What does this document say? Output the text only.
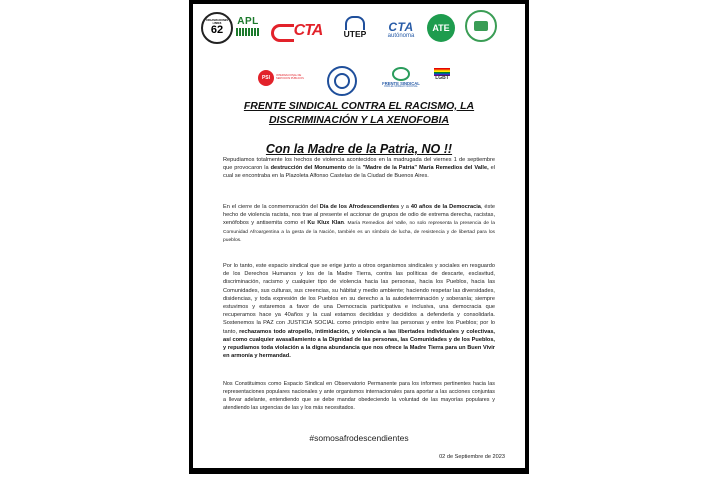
ORGANIZACIONES LIBRES
62
APL
CTA	UTEP CTA
autónoma
ATE
PSI	INTERNACIONAL DE SERVICIOS PÚBLICOS
FRENTE SINDICAL
PARA EL MODELO NACIONAL
LGBT
FRENTE SINDICAL CONTRA EL RACISMO, LA DISCRIMINACIÓN Y LA XENOFOBIA
Con la Madre de la Patria, NO !!
Repudiamos totalmente los hechos de violencia acontecidos en la madrugada del viernes 1 de septiembre que provocaron la destrucción del Monumento de la "Madre de la Patria" María Remedios del Valle, el cual se encontraba en la Plazoleta Alfonso Castelao de la Ciudad de Buenos Aires.
En el cierre de la conmemoración del Día de los Afrodescendientes y a 40 años de la Democracia, éste hecho de violencia racista, nos trae al presente el accionar de grupos de odio de extrema derecha, racistas, xenófobos y antisemita como el Ku Klux Klan. María Remedios del Valle, no solo representa la presencia de la Comunidad Afroargentina a la gesta de la Nación, también es un símbolo de lucha, de resistencia y de libertad para los pueblos.
Por lo tanto, este espacio sindical que se erige junto a otros organismos sindicales y sociales en resguardo de los Derechos Humanos y los de la Madre Tierra, contra las políticas de descarte, esclavitud, discriminación, racismo y cualquier tipo de violencia hacia las personas, hacia los Pueblos, hacia las Comunidades, sus culturas, sus creencias, su hábitat y medio ambiente; haciendo respetar las diversidades, disidencias, y toda expresión de los Pueblos en su derecho a la autodeterminación y soberanía; siempre estuvimos y estaremos a favor de una Democracia participativa e inclusiva, una democracia que recuperamos hace ya 40años y la cual estamos decididas y decididos a defenderla y consolidarla. Sostenemos la PAZ con JUSTICIA SOCIAL como principio entre las personas y entre los Pueblos; por lo tanto, rechazamos todo atropello, intimidación, y violencia a las libertades individuales y colectivas, así como cualquier avasallamiento a la Dignidad de las personas, las Comunidades y de los Pueblos, y repudiamos toda violación a la digna abundancia que nos ofrece la Madre Tierra para un Buen Vivir en armonía y hermandad.
Nos Constituimos como Espacio Sindical en Observatorio Permanente para los informes pertinentes hacia las representaciones populares nacionales y ante organismos internacionales para aportar a las acciones conjuntas a llevar adelante, entendiendo que se debe mandar obedeciendo la voluntad de las mayorías populares y atendiendo las urgencias de las y los más necesitados.
#somosafrodescendientes
02 de Septiembre de 2023
